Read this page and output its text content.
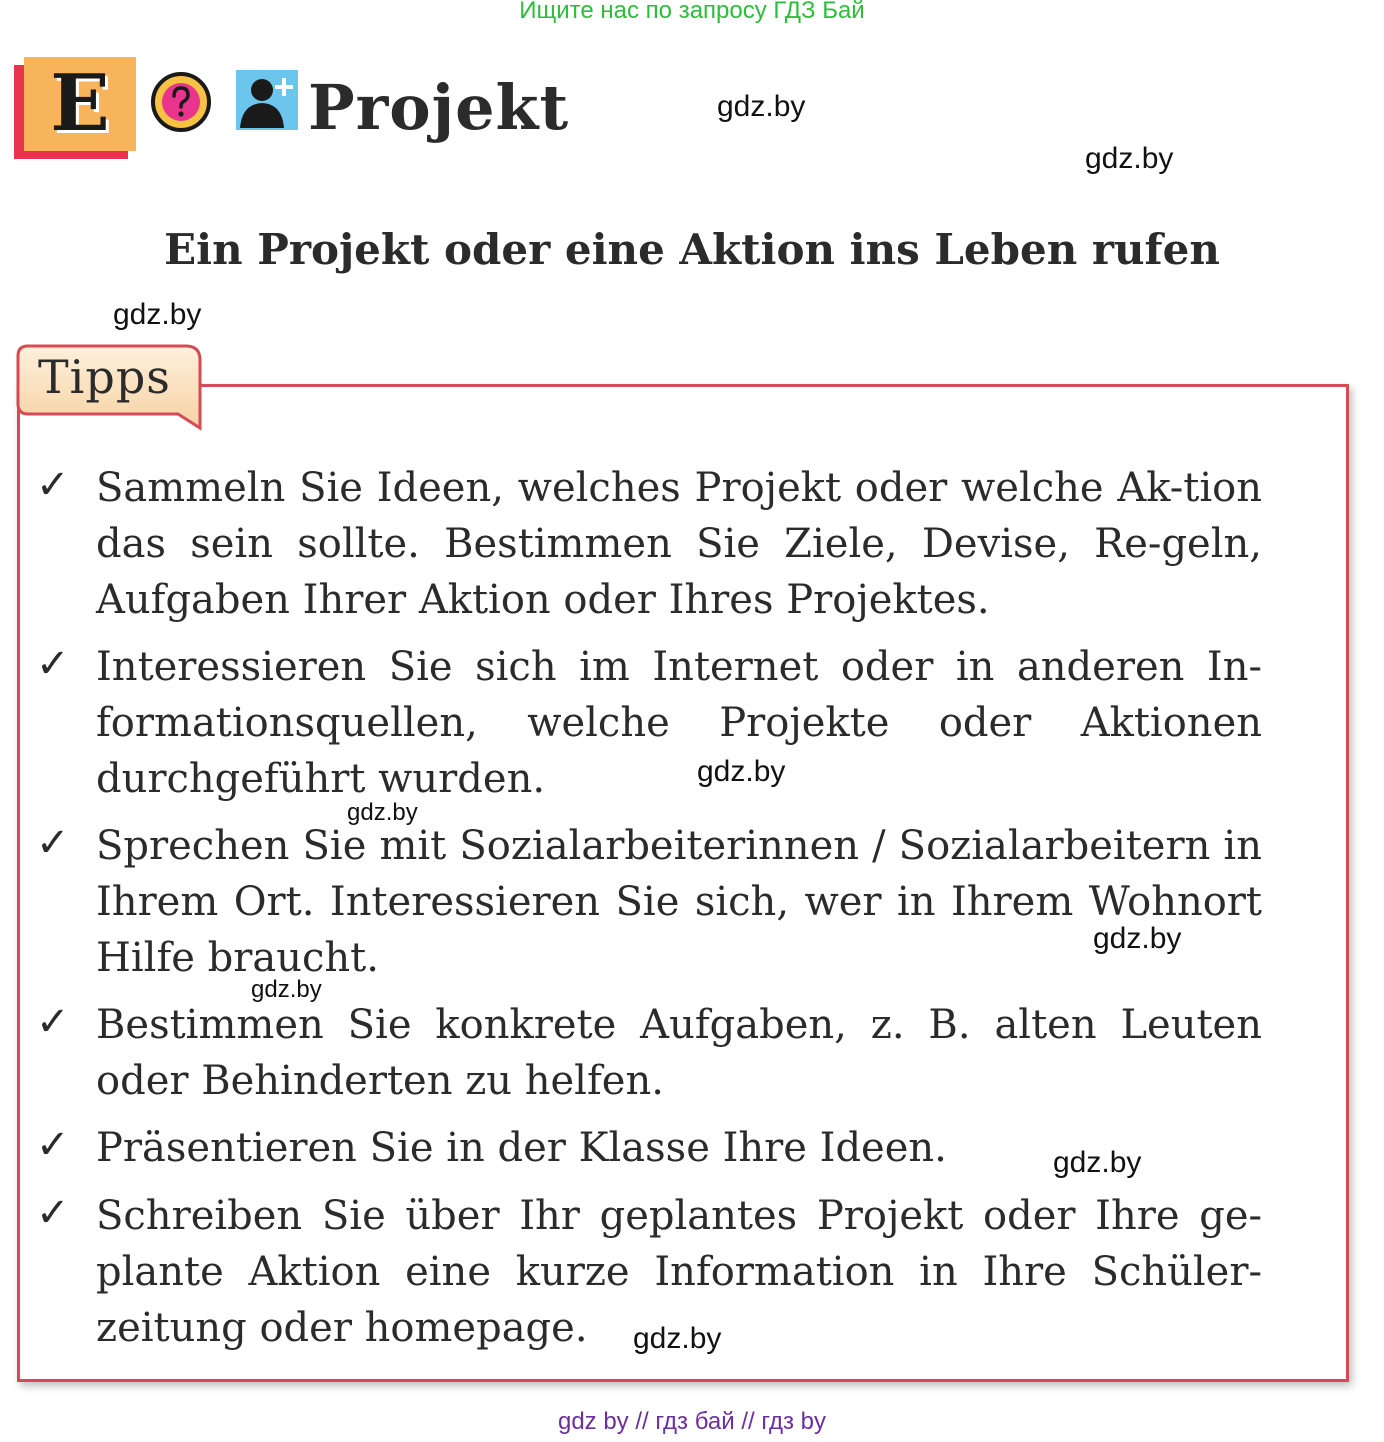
Ищите нас по запросу ГДЗ Бай
E	Projekt	gdz.by
gdz.by
gdz.by
Ein Projekt oder eine Aktion ins Leben rufen
Tipps
✓ Sammeln Sie Ideen, welches Projekt oder welche Ak-tion das sein sollte. Bestimmen Sie Ziele, Devise, Re-geln, Aufgaben Ihrer Aktion oder Ihres Projektes.
✓ Interessieren Sie sich im Internet oder in anderen In-formationsquellen, welche Projekte oder Aktionen durchgeführt wurden.
✓ Sprechen Sie mit Sozialarbeiterinnen / Sozialarbeitern in Ihrem Ort. Interessieren Sie sich, wer in Ihrem Wohnort Hilfe braucht.
✓ Bestimmen Sie konkrete Aufgaben, z. B. alten Leuten oder Behinderten zu helfen.
✓ Präsentieren Sie in der Klasse Ihre Ideen.
✓ Schreiben Sie über Ihr geplantes Projekt oder Ihre ge-plante Aktion eine kurze Information in Ihre Schüler-zeitung oder homepage.
gdz.by
gdz.by
gdz.by
gdz.by
gdz.by
gdz.by
gdz by // гдз бай // гдз by
